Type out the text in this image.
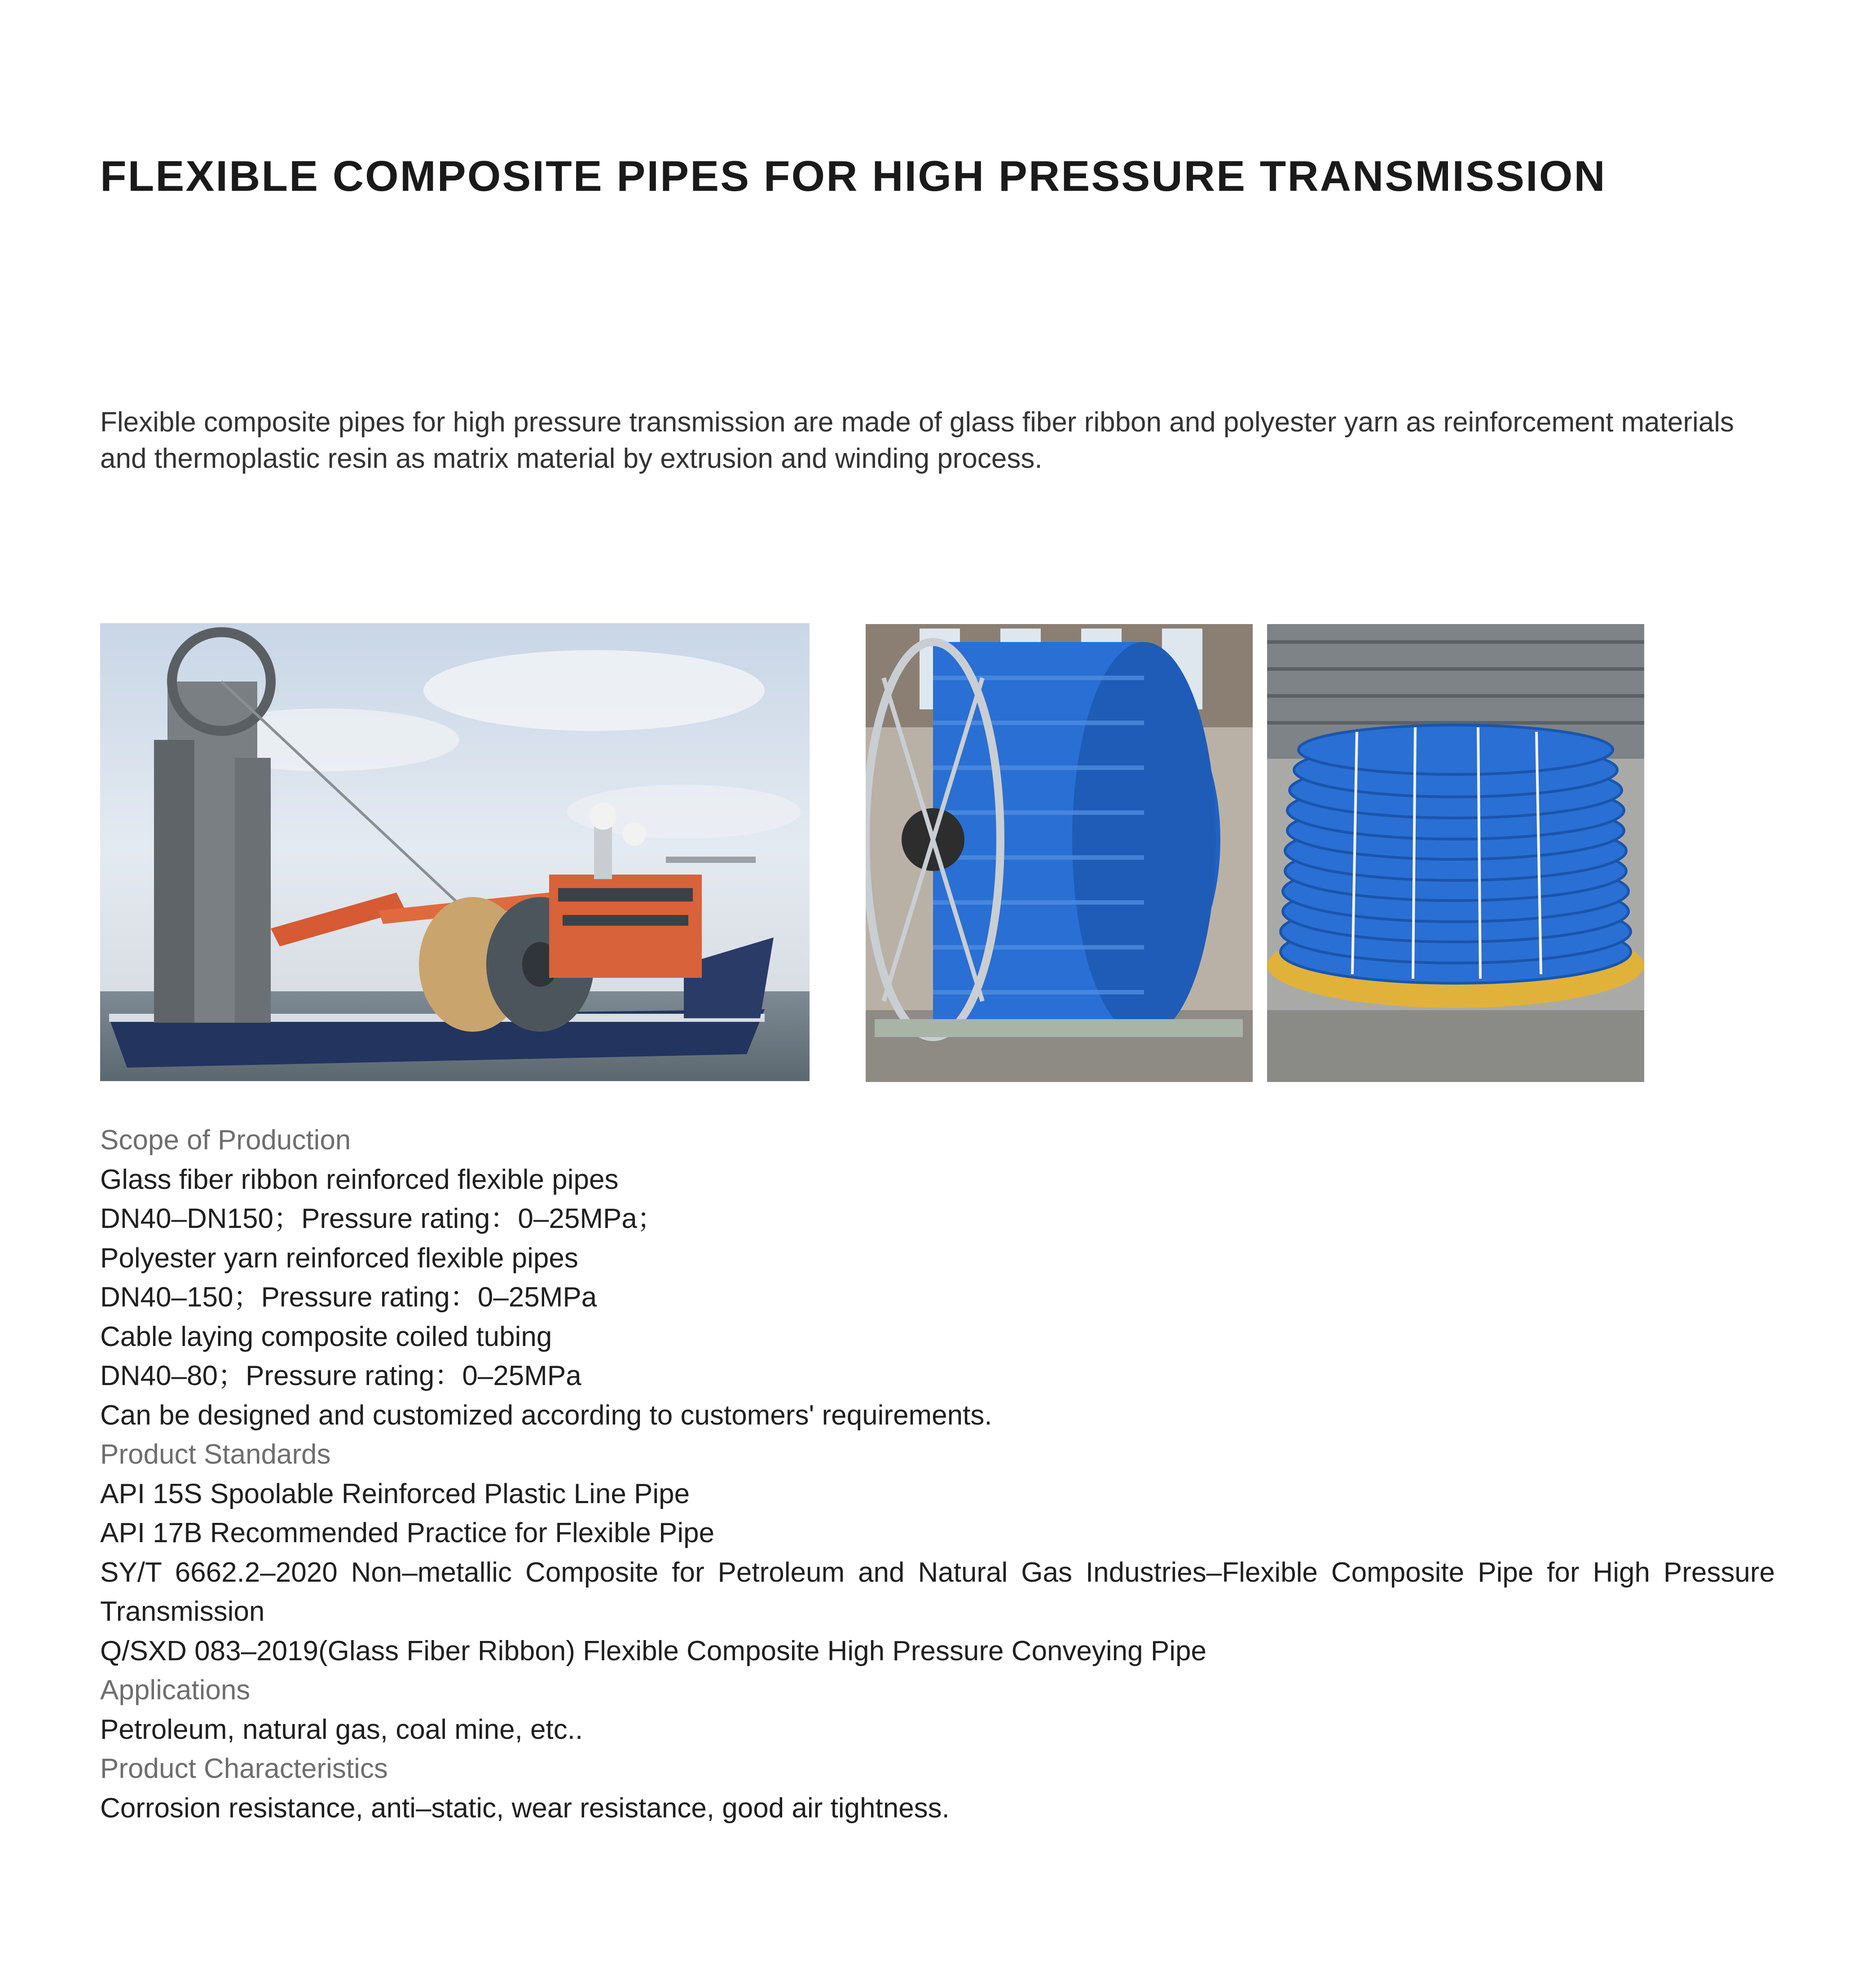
FLEXIBLE COMPOSITE PIPES FOR HIGH PRESSURE TRANSMISSION

Flexible composite pipes for high pressure transmission are made of glass fiber ribbon and polyester yarn as reinforcement materials and thermoplastic resin as matrix material by extrusion and winding process.

Scope of Production
Glass fiber ribbon reinforced flexible pipes
DN40–DN150；Pressure rating：0–25MPa；
Polyester yarn reinforced flexible pipes
DN40–150；Pressure rating：0–25MPa
Cable laying composite coiled tubing
DN40–80；Pressure rating：0–25MPa
Can be designed and customized according to customers' requirements.
Product Standards
API 15S Spoolable Reinforced Plastic Line Pipe
API 17B Recommended Practice for Flexible Pipe
SY/T 6662.2–2020 Non–metallic Composite for Petroleum and Natural Gas Industries–Flexible Composite Pipe for High Pressure Transmission
Q/SXD 083–2019(Glass Fiber Ribbon) Flexible Composite High Pressure Conveying Pipe
Applications
Petroleum, natural gas, coal mine, etc..
Product Characteristics
Corrosion resistance, anti–static, wear resistance, good air tightness.
